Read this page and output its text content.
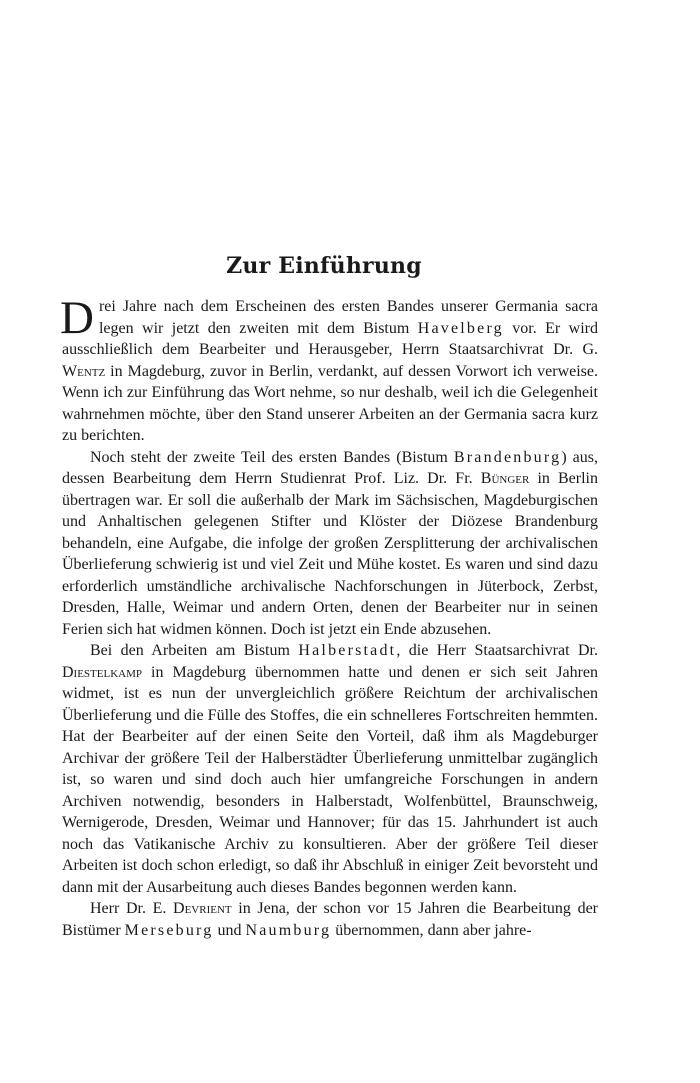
Zur Einführung

Drei Jahre nach dem Erscheinen des ersten Bandes unserer Germania sacra legen wir jetzt den zweiten mit dem Bistum Havelberg vor. Er wird ausschließlich dem Bearbeiter und Herausgeber, Herrn Staatsarchivrat Dr. G. Wentz in Magdeburg, zuvor in Berlin, verdankt, auf dessen Vorwort ich verweise. Wenn ich zur Einführung das Wort nehme, so nur deshalb, weil ich die Gelegenheit wahrnehmen möchte, über den Stand unserer Arbeiten an der Germania sacra kurz zu berichten.

Noch steht der zweite Teil des ersten Bandes (Bistum Brandenburg) aus, dessen Bearbeitung dem Herrn Studienrat Prof. Liz. Dr. Fr. Bünger in Berlin übertragen war. Er soll die außerhalb der Mark im Sächsischen, Magdeburgischen und Anhaltischen gelegenen Stifter und Klöster der Diözese Brandenburg behandeln, eine Aufgabe, die infolge der großen Zersplitterung der archivalischen Überlieferung schwierig ist und viel Zeit und Mühe kostet. Es waren und sind dazu erforderlich umständliche archivalische Nachforschungen in Jüterbock, Zerbst, Dresden, Halle, Weimar und andern Orten, denen der Bearbeiter nur in seinen Ferien sich hat widmen können. Doch ist jetzt ein Ende abzusehen.

Bei den Arbeiten am Bistum Halberstadt, die Herr Staatsarchivrat Dr. Diestelkamp in Magdeburg übernommen hatte und denen er sich seit Jahren widmet, ist es nun der unvergleichlich größere Reichtum der archivalischen Überlieferung und die Fülle des Stoffes, die ein schnelleres Fortschreiten hemmten. Hat der Bearbeiter auf der einen Seite den Vorteil, daß ihm als Magdeburger Archivar der größere Teil der Halberstädter Überlieferung unmittelbar zugänglich ist, so waren und sind doch auch hier umfangreiche Forschungen in andern Archiven notwendig, besonders in Halberstadt, Wolfenbüttel, Braunschweig, Wernigerode, Dresden, Weimar und Hannover; für das 15. Jahrhundert ist auch noch das Vatikanische Archiv zu konsultieren. Aber der größere Teil dieser Arbeiten ist doch schon erledigt, so daß ihr Abschluß in einiger Zeit bevorsteht und dann mit der Ausarbeitung auch dieses Bandes begonnen werden kann.

Herr Dr. E. Devrient in Jena, der schon vor 15 Jahren die Bearbeitung der Bistümer Merseburg und Naumburg übernommen, dann aber jahre-
